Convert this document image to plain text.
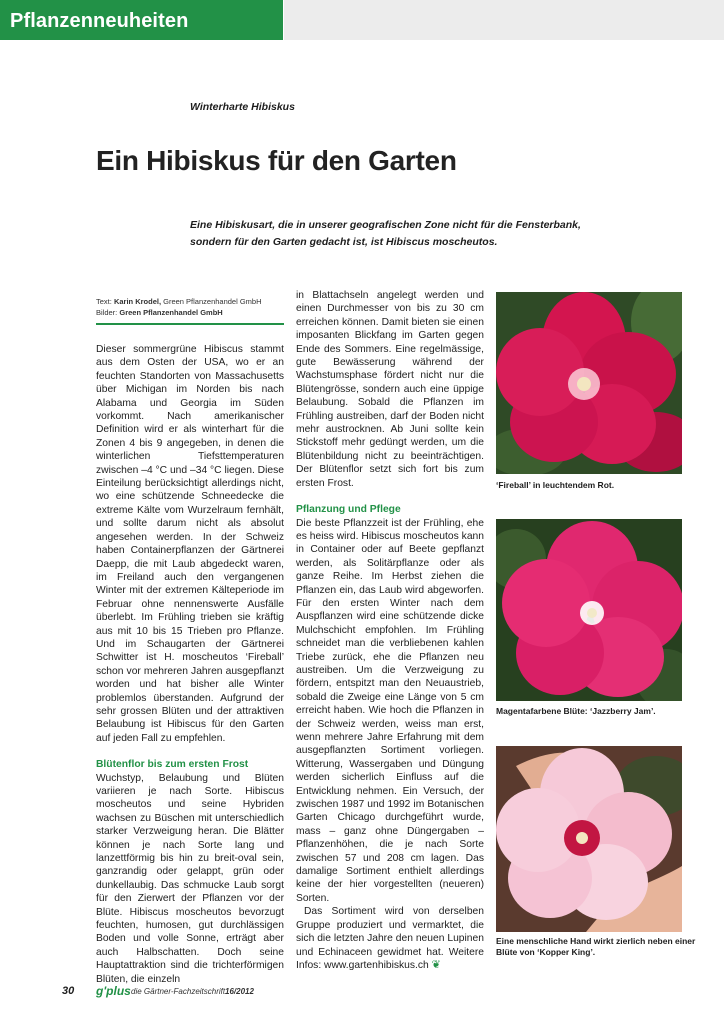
Pflanzenneuheiten
Winterharte Hibiskus
Ein Hibiskus für den Garten

Eine Hibiskusart, die in unserer geografischen Zone nicht für die Fensterbank, sondern für den Garten gedacht ist, ist Hibiscus moscheutos.

Text: Karin Krodel, Green Pflanzenhandel GmbH
Bilder: Green Pflanzenhandel GmbH

Dieser sommergrüne Hibiscus stammt aus dem Osten der USA, wo er an feuchten Standorten von Massachusetts über Michigan im Norden bis nach Alabama und Georgia im Süden vorkommt. Nach amerikanischer Definition wird er als winterhart für die Zonen 4 bis 9 angegeben, in denen die winterlichen Tiefsttemperaturen zwischen –4 °C und –34 °C liegen. Diese Einteilung berücksichtigt allerdings nicht, wo eine schützende Schneedecke die extreme Kälte vom Wurzelraum fernhält, und sollte darum nicht als absolut angesehen werden. In der Schweiz haben Containerpflanzen der Gärtnerei Daepp, die mit Laub abgedeckt waren, im Freiland auch den vergangenen Winter mit der extremen Kälteperiode im Februar ohne nennenswerte Ausfälle überlebt. Im Frühling trieben sie kräftig aus mit 10 bis 15 Trieben pro Pflanze. Und im Schaugarten der Gärtnerei Schwitter ist H. moscheutos ‘Fireball’ schon vor mehreren Jahren ausgepflanzt worden und hat bisher alle Winter problemlos überstanden. Aufgrund der sehr grossen Blüten und der attraktiven Belaubung ist Hibiscus für den Garten auf jeden Fall zu empfehlen.

Blütenflor bis zum ersten Frost

Wuchstyp, Belaubung und Blüten variieren je nach Sorte. Hibiscus moscheutos und seine Hybriden wachsen zu Büschen mit unterschiedlich starker Verzweigung heran. Die Blätter können je nach Sorte lang und lanzettförmig bis hin zu breit-oval sein, ganzrandig oder gelappt, grün oder dunkellaubig. Das schmucke Laub sorgt für den Zierwert der Pflanzen vor der Blüte. Hibiscus moscheutos bevorzugt feuchten, humosen, gut durchlässigen Boden und volle Sonne, erträgt aber auch Halbschatten. Doch seine Hauptattraktion sind die trichterförmigen Blüten, die einzeln

in Blattachseln angelegt werden und einen Durchmesser von bis zu 30 cm erreichen können. Damit bieten sie einen imposanten Blickfang im Garten gegen Ende des Sommers. Eine regelmässige, gute Bewässerung während der Wachstumsphase fördert nicht nur die Blütengrösse, sondern auch eine üppige Belaubung. Sobald die Pflanzen im Frühling austreiben, darf der Boden nicht mehr austrocknen. Ab Juni sollte kein Stickstoff mehr gedüngt werden, um die Blütenbildung nicht zu beeinträchtigen. Der Blütenflor setzt sich fort bis zum ersten Frost.

Pflanzung und Pflege

Die beste Pflanzzeit ist der Frühling, ehe es heiss wird. Hibiscus moscheutos kann in Container oder auf Beete gepflanzt werden, als Solitärpflanze oder als ganze Reihe. Im Herbst ziehen die Pflanzen ein, das Laub wird abgeworfen. Für den ersten Winter nach dem Auspflanzen wird eine schützende dicke Mulchschicht empfohlen. Im Frühling schneidet man die verbliebenen kahlen Triebe zurück, ehe die Pflanzen neu austreiben. Um die Verzweigung zu fördern, entspitzt man den Neuaustrieb, sobald die Zweige eine Länge von 5 cm erreicht haben. Wie hoch die Pflanzen in der Schweiz werden, weiss man erst, wenn mehrere Jahre Erfahrung mit dem ausgepflanzten Sortiment vorliegen. Witterung, Wassergaben und Düngung werden sicherlich Einfluss auf die Entwicklung nehmen. Ein Versuch, der zwischen 1987 und 1992 im Botanischen Garten Chicago durchgeführt wurde, mass – ganz ohne Düngergaben – Pflanzenhöhen, die je nach Sorte zwischen 57 und 208 cm lagen. Das damalige Sortiment enthielt allerdings keine der hier vorgestellten (neueren) Sorten.

Das Sortiment wird von derselben Gruppe produziert und vermarktet, die sich die letzten Jahre den neuen Lupinen und Echinaceen gewidmet hat. Weitere Infos: www.gartenhibiskus.ch ❦

‘Fireball’ in leuchtendem Rot.
Magentafarbene Blüte: ‘Jazzberry Jam’.
Eine menschliche Hand wirkt zierlich neben einer Blüte von ‘Kopper King’.
30 g'plus die Gärtner-Fachzeitschrift 16/2012
